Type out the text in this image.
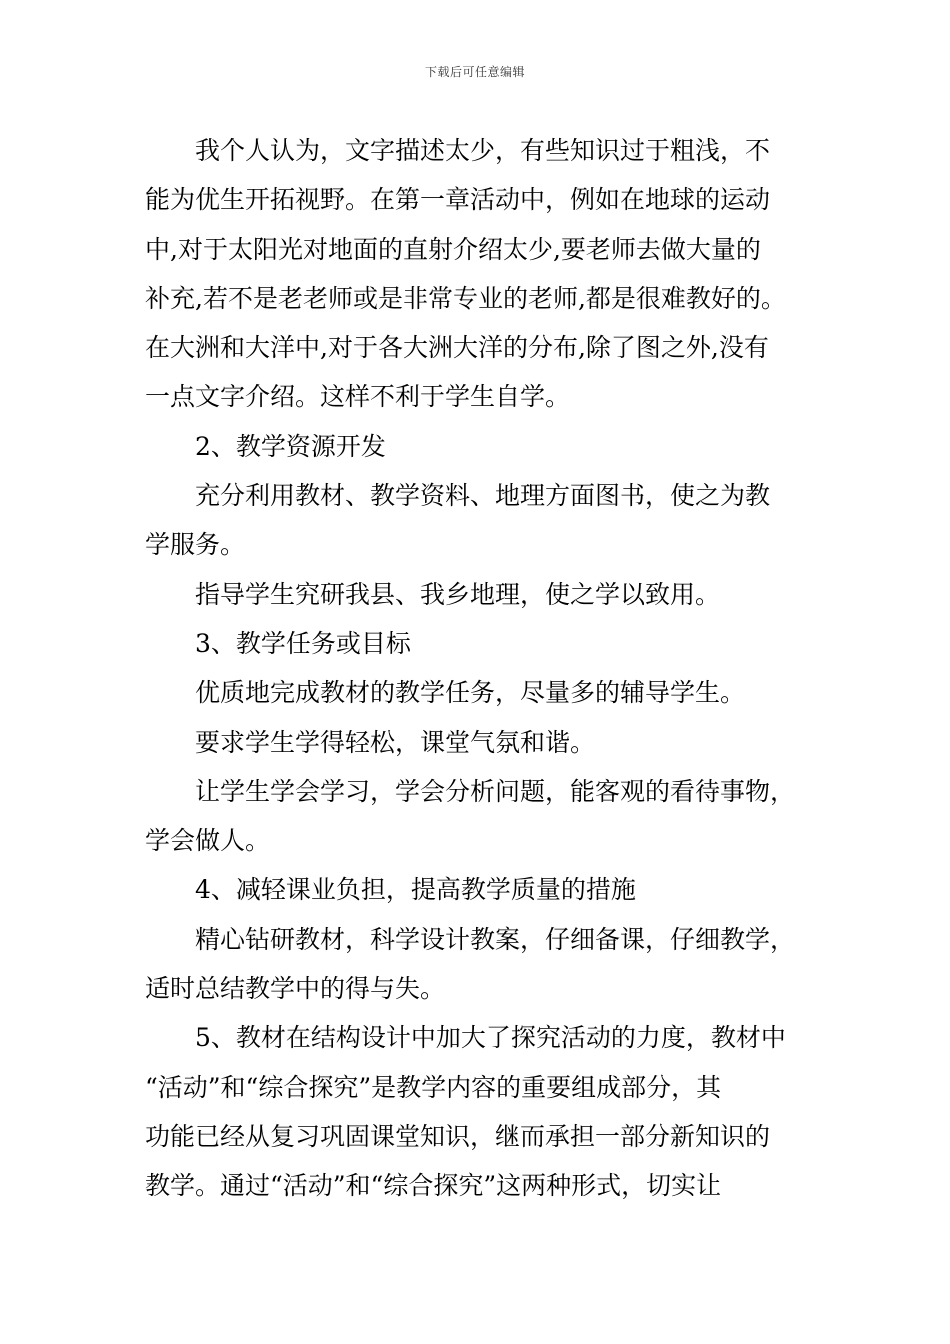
下载后可任意编辑
我个人认为，文字描述太少，有些知识过于粗浅，不
能为优生开拓视野。在第一章活动中，例如在地球的运动
中,对于太阳光对地面的直射介绍太少,要老师去做大量的
补充,若不是老老师或是非常专业的老师,都是很难教好的。
在大洲和大洋中,对于各大洲大洋的分布,除了图之外,没有
一点文字介绍。这样不利于学生自学。
2、教学资源开发
充分利用教材、教学资料、地理方面图书，使之为教
学服务。
指导学生究研我县、我乡地理，使之学以致用。
3、教学任务或目标
优质地完成教材的教学任务，尽量多的辅导学生。
要求学生学得轻松，课堂气氛和谐。
让学生学会学习，学会分析问题，能客观的看待事物，
学会做人。
4、减轻课业负担，提高教学质量的措施
精心钻研教材，科学设计教案，仔细备课，仔细教学，
适时总结教学中的得与失。
5、教材在结构设计中加大了探究活动的力度，教材中
“活动”和“综合探究”是教学内容的重要组成部分，其
功能已经从复习巩固课堂知识，继而承担一部分新知识的
教学。通过“活动”和“综合探究”这两种形式，切实让
